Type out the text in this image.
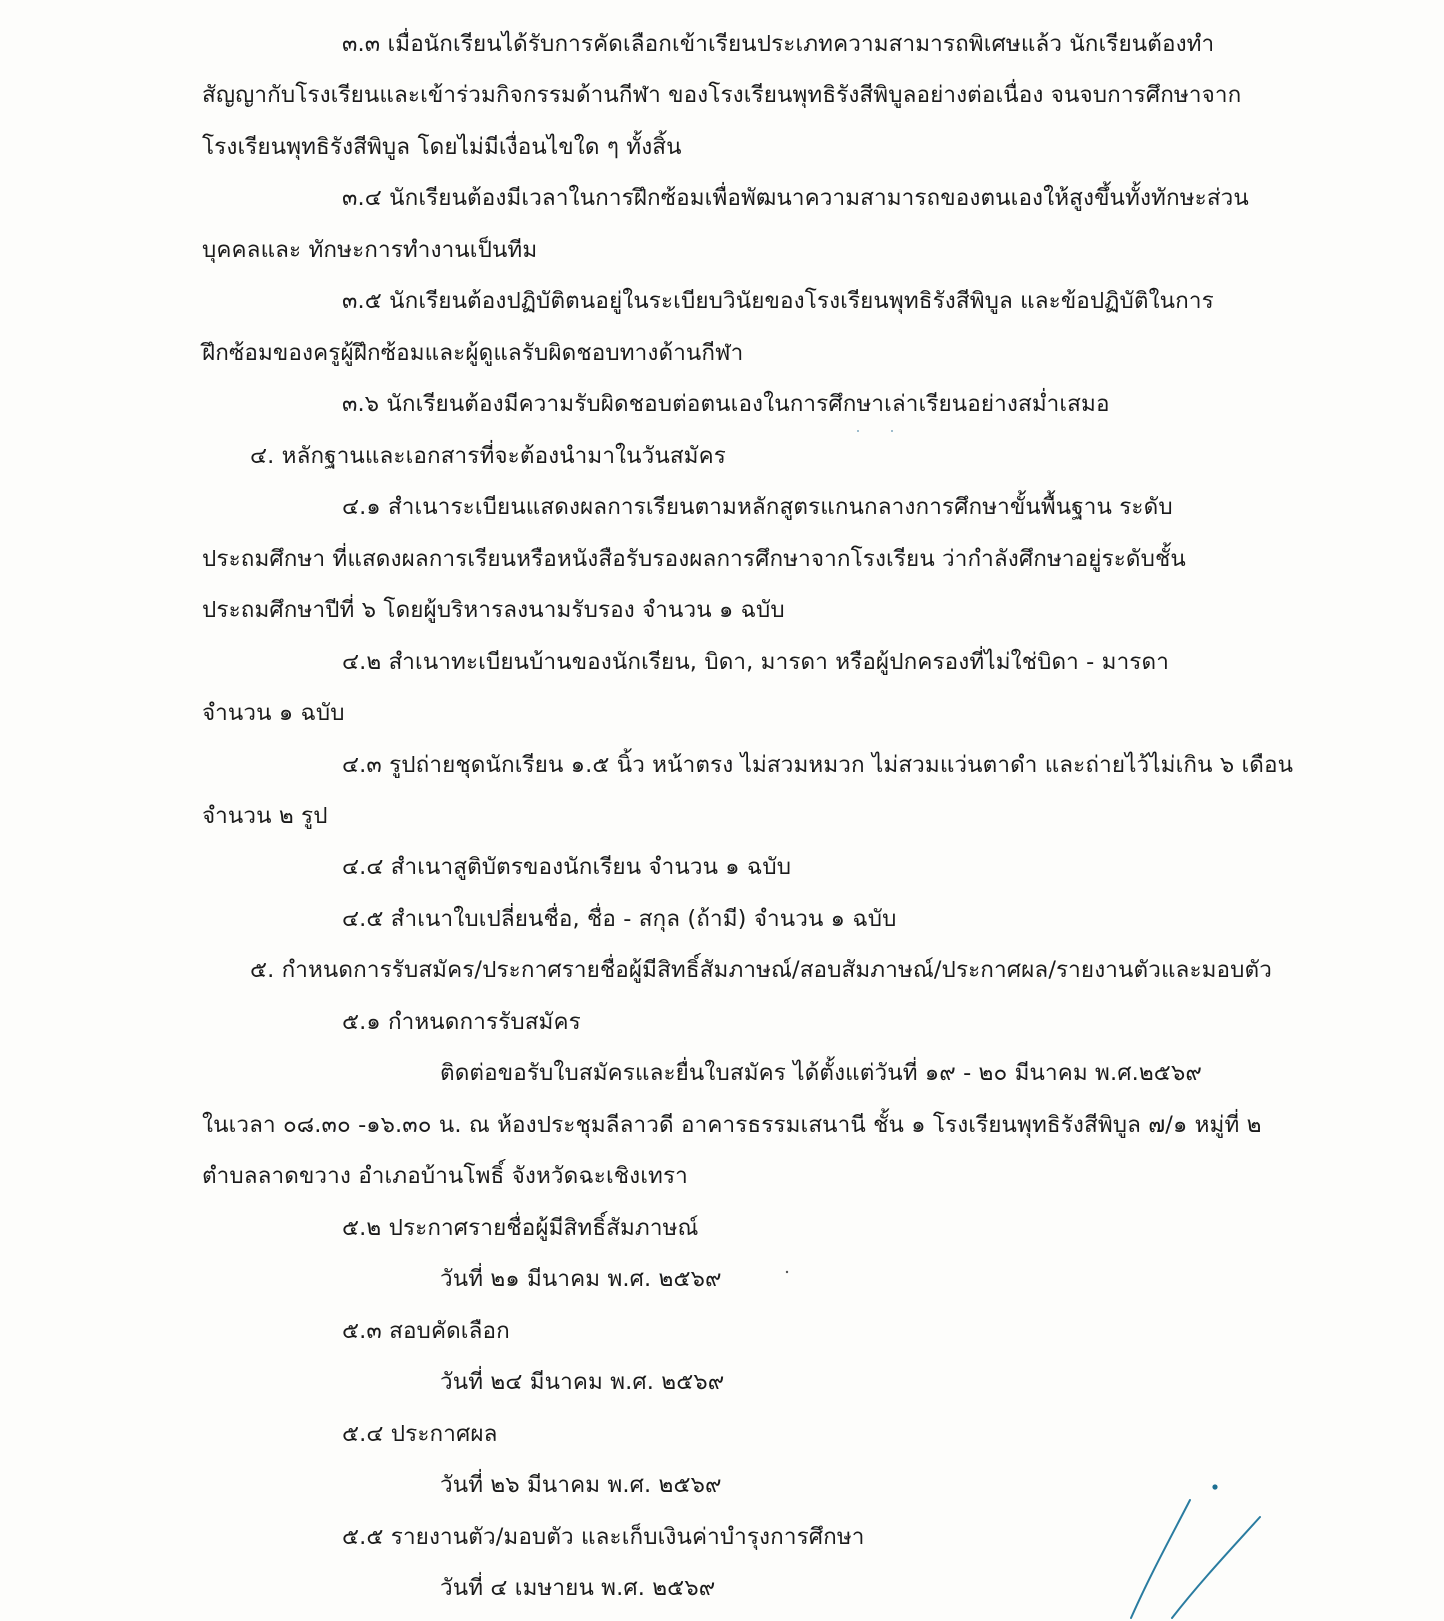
๓.๓ เมื่อนักเรียนได้รับการคัดเลือกเข้าเรียนประเภทความสามารถพิเศษแล้ว นักเรียนต้องทำ
สัญญากับโรงเรียนและเข้าร่วมกิจกรรมด้านกีฬา ของโรงเรียนพุทธิรังสีพิบูลอย่างต่อเนื่อง จนจบการศึกษาจาก
โรงเรียนพุทธิรังสีพิบูล โดยไม่มีเงื่อนไขใด ๆ ทั้งสิ้น
๓.๔ นักเรียนต้องมีเวลาในการฝึกซ้อมเพื่อพัฒนาความสามารถของตนเองให้สูงขึ้นทั้งทักษะส่วน
บุคคลและ ทักษะการทำงานเป็นทีม
๓.๕ นักเรียนต้องปฏิบัติตนอยู่ในระเบียบวินัยของโรงเรียนพุทธิรังสีพิบูล และข้อปฏิบัติในการ
ฝึกซ้อมของครูผู้ฝึกซ้อมและผู้ดูแลรับผิดชอบทางด้านกีฬา
๓.๖ นักเรียนต้องมีความรับผิดชอบต่อตนเองในการศึกษาเล่าเรียนอย่างสม่ำเสมอ
๔. หลักฐานและเอกสารที่จะต้องนำมาในวันสมัคร
๔.๑ สำเนาระเบียนแสดงผลการเรียนตามหลักสูตรแกนกลางการศึกษาขั้นพื้นฐาน ระดับ
ประถมศึกษา ที่แสดงผลการเรียนหรือหนังสือรับรองผลการศึกษาจากโรงเรียน ว่ากำลังศึกษาอยู่ระดับชั้น
ประถมศึกษาปีที่ ๖ โดยผู้บริหารลงนามรับรอง จำนวน ๑ ฉบับ
๔.๒ สำเนาทะเบียนบ้านของนักเรียน, บิดา, มารดา หรือผู้ปกครองที่ไม่ใช่บิดา - มารดา
จำนวน ๑ ฉบับ
๔.๓ รูปถ่ายชุดนักเรียน ๑.๕ นิ้ว หน้าตรง ไม่สวมหมวก ไม่สวมแว่นตาดำ และถ่ายไว้ไม่เกิน ๖ เดือน
จำนวน ๒ รูป
๔.๔ สำเนาสูติบัตรของนักเรียน จำนวน ๑ ฉบับ
๔.๕ สำเนาใบเปลี่ยนชื่อ, ชื่อ - สกุล (ถ้ามี) จำนวน ๑ ฉบับ
๕. กำหนดการรับสมัคร/ประกาศรายชื่อผู้มีสิทธิ์สัมภาษณ์/สอบสัมภาษณ์/ประกาศผล/รายงานตัวและมอบตัว
๕.๑ กำหนดการรับสมัคร
ติดต่อขอรับใบสมัครและยื่นใบสมัคร ได้ตั้งแต่วันที่ ๑๙ - ๒๐ มีนาคม พ.ศ.๒๕๖๙
ในเวลา ๐๘.๓๐ -๑๖.๓๐ น. ณ ห้องประชุมลีลาวดี อาคารธรรมเสนานี ชั้น ๑ โรงเรียนพุทธิรังสีพิบูล ๗/๑ หมู่ที่ ๒
ตำบลลาดขวาง อำเภอบ้านโพธิ์ จังหวัดฉะเชิงเทรา
๕.๒ ประกาศรายชื่อผู้มีสิทธิ์สัมภาษณ์
วันที่ ๒๑ มีนาคม พ.ศ. ๒๕๖๙
๕.๓ สอบคัดเลือก
วันที่ ๒๔ มีนาคม พ.ศ. ๒๕๖๙
๕.๔ ประกาศผล
วันที่ ๒๖ มีนาคม พ.ศ. ๒๕๖๙
๕.๕ รายงานตัว/มอบตัว และเก็บเงินค่าบำรุงการศึกษา
วันที่ ๔ เมษายน พ.ศ. ๒๕๖๙
